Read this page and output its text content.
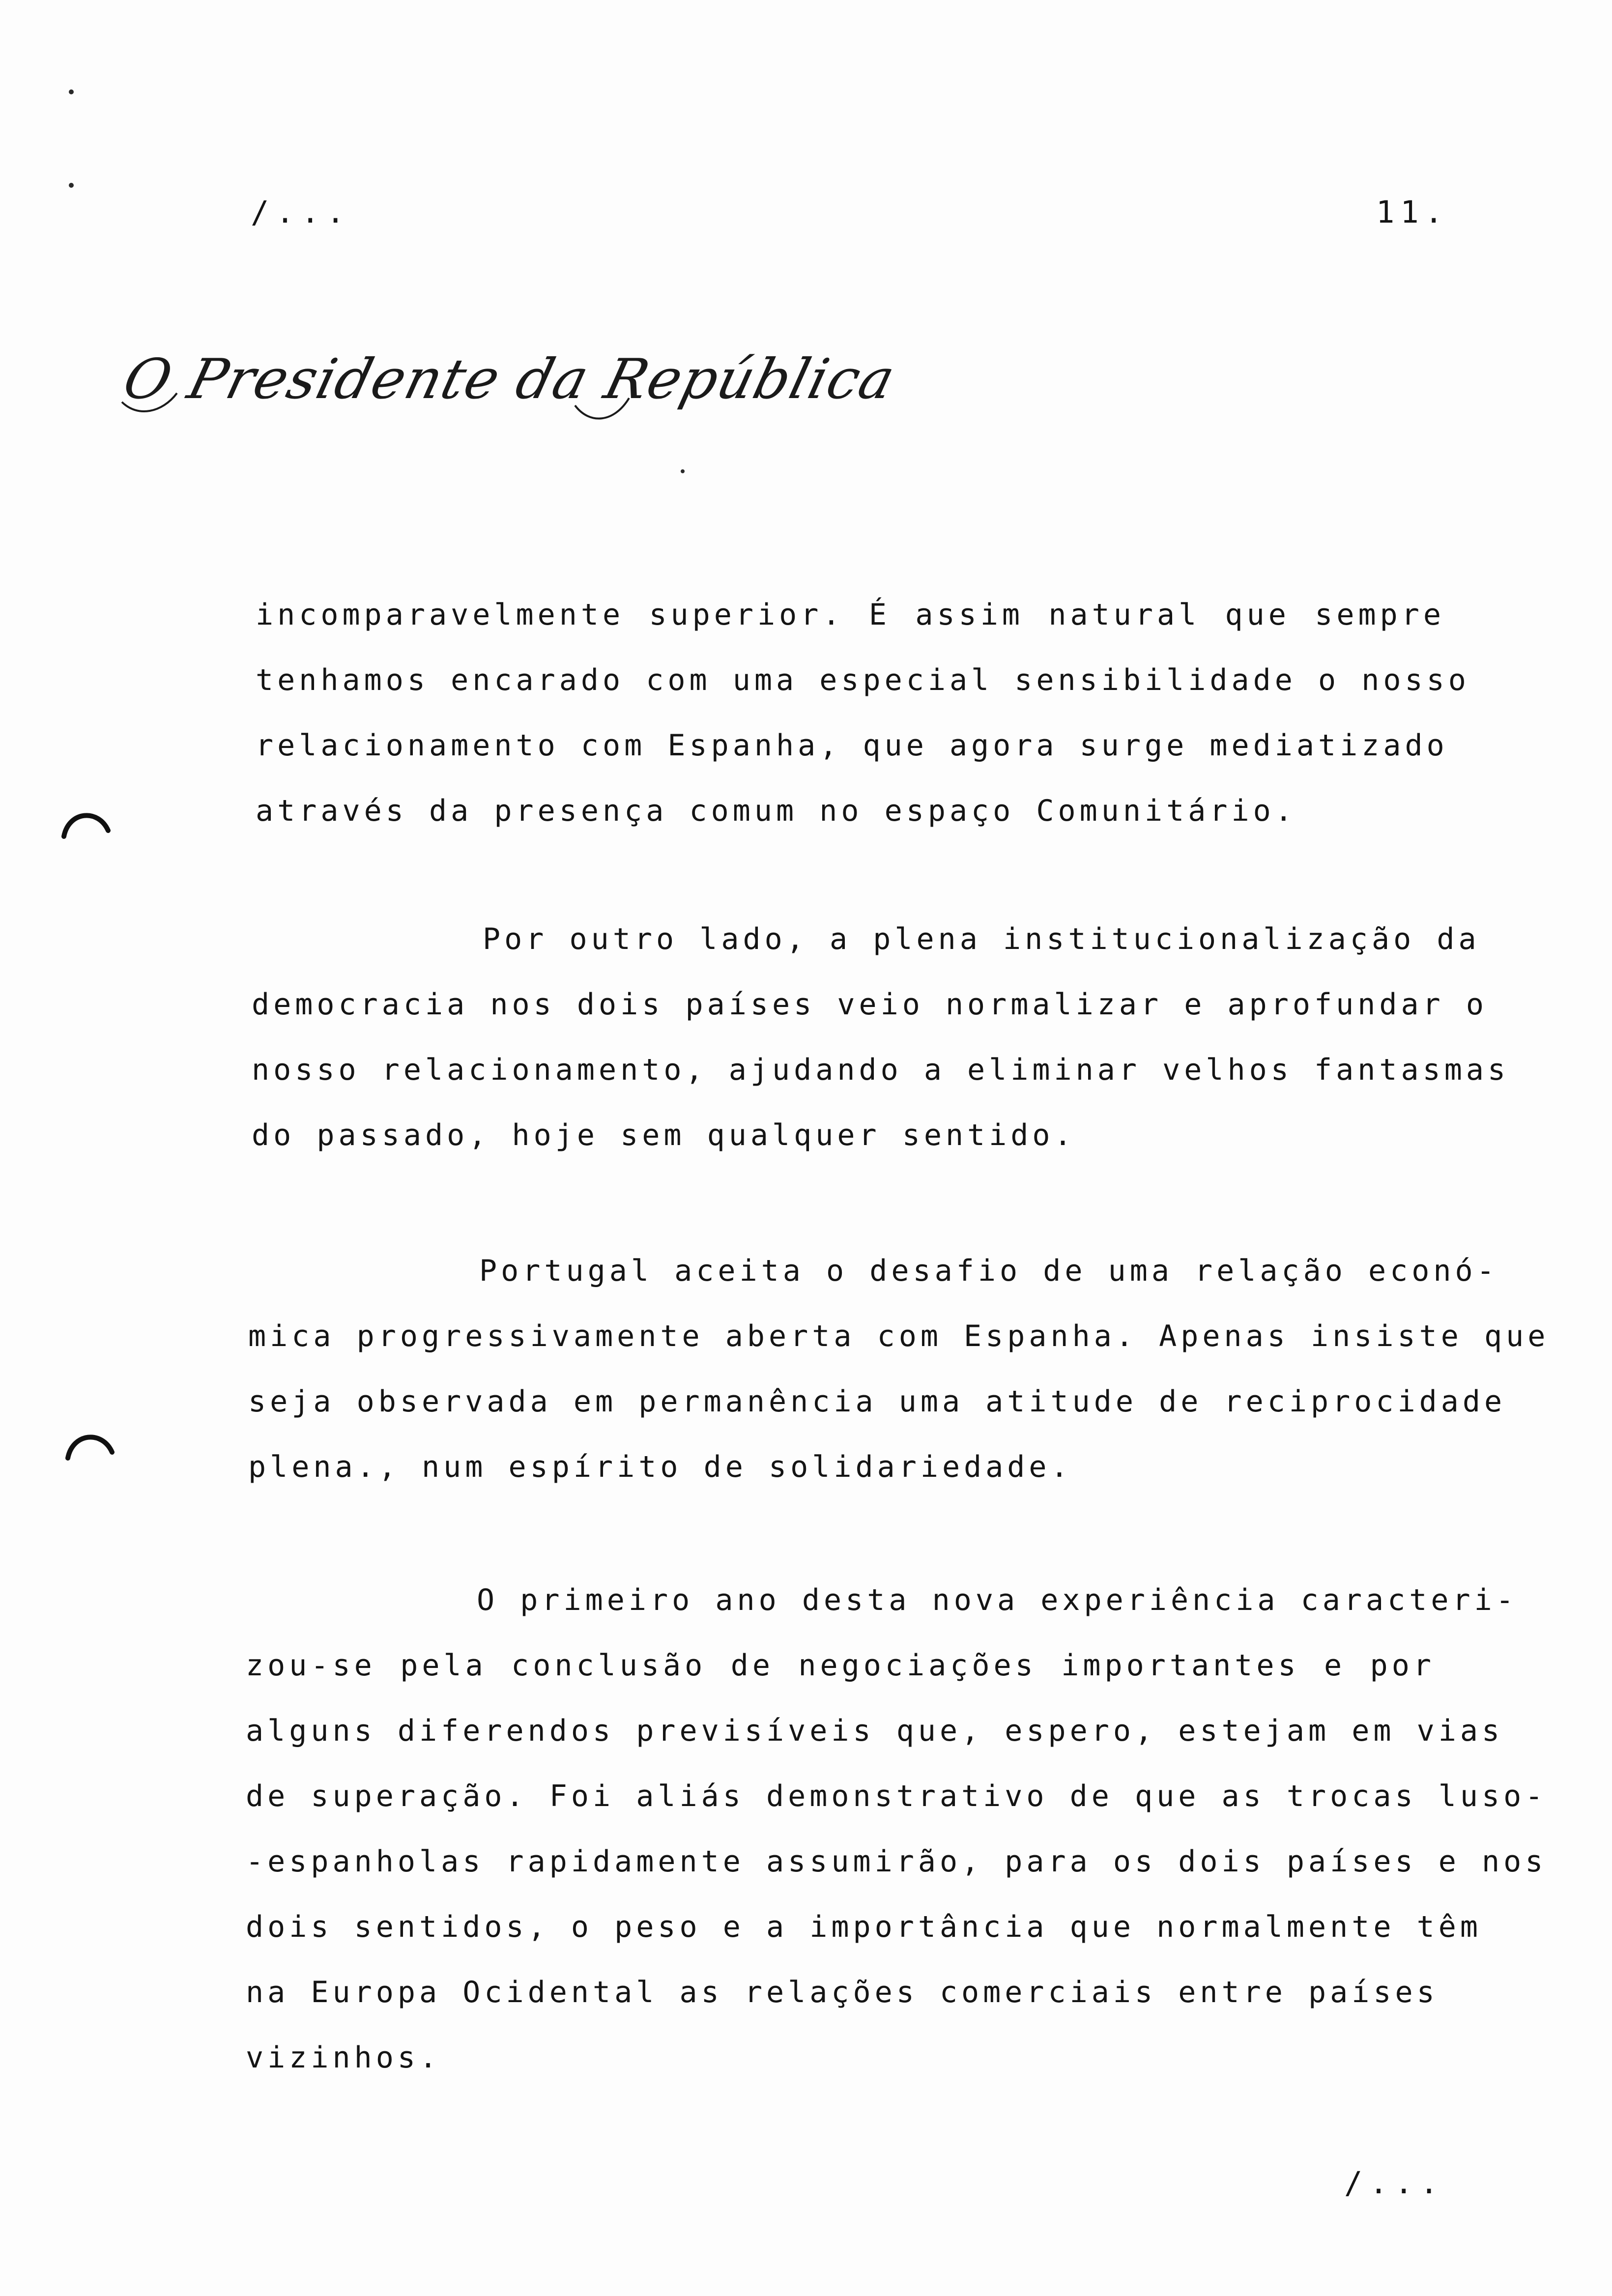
/...	11.
O Presidente da República
incomparavelmente superior. É assim natural que sempre
tenhamos encarado com uma especial sensibilidade o nosso
relacionamento com Espanha, que agora surge mediatizado
através da presença comum no espaço Comunitário.
Por outro lado, a plena institucionalização da
democracia nos dois países veio normalizar e aprofundar o
nosso relacionamento, ajudando a eliminar velhos fantasmas
do passado, hoje sem qualquer sentido.
Portugal aceita o desafio de uma relação econó-
mica progressivamente aberta com Espanha. Apenas insiste que
seja observada em permanência uma atitude de reciprocidade
plena., num espírito de solidariedade.
O primeiro ano desta nova experiência caracteri-
zou-se pela conclusão de negociações importantes e por
alguns diferendos previsíveis que, espero, estejam em vias
de superação. Foi aliás demonstrativo de que as trocas luso-
-espanholas rapidamente assumirão, para os dois países e nos
dois sentidos, o peso e a importância que normalmente têm
na Europa Ocidental as relações comerciais entre países
vizinhos.
/...
